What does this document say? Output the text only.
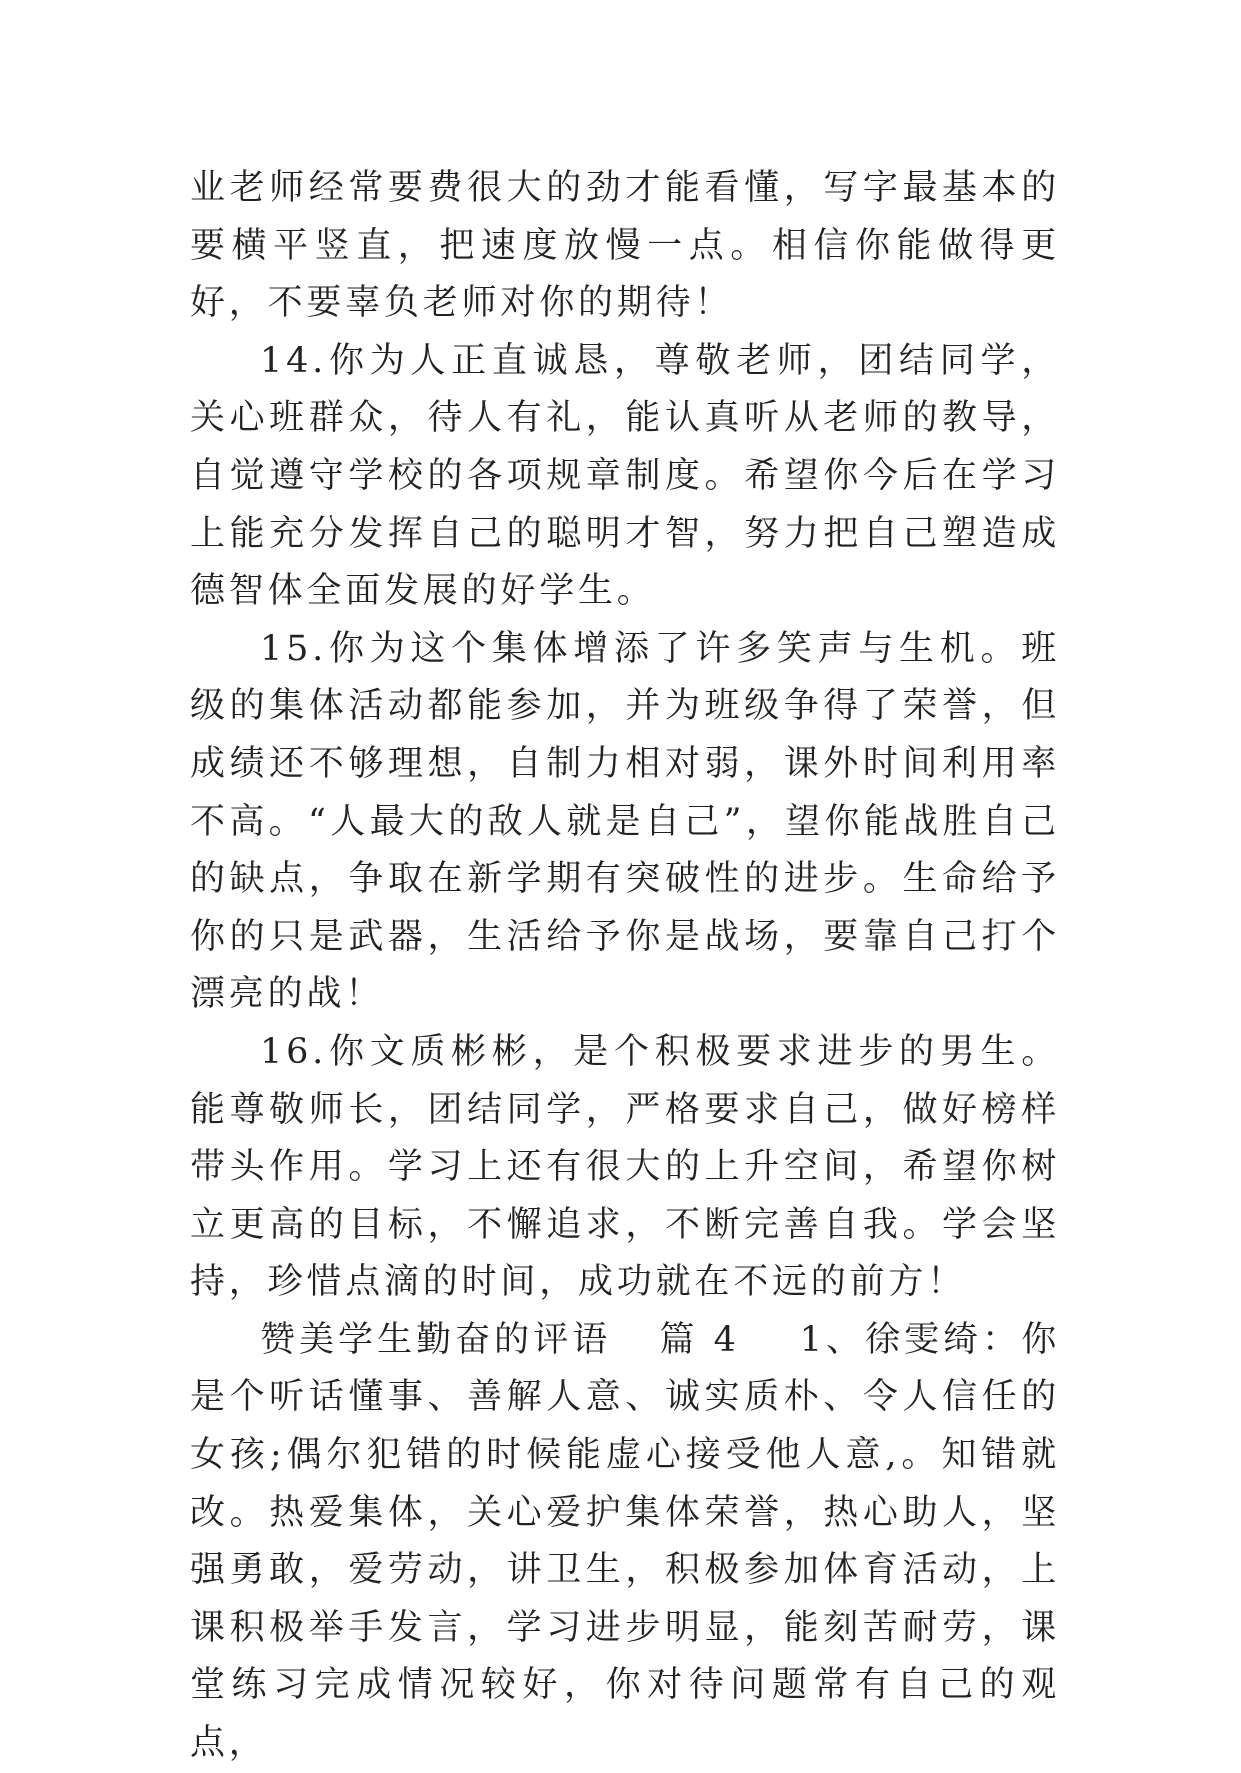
业老师经常要费很大的劲才能看懂，写字最基本的要横平竖直，把速度放慢一点。相信你能做得更好，不要辜负老师对你的期待！

14.你为人正直诚恳，尊敬老师，团结同学，关心班群众，待人有礼，能认真听从老师的教导，自觉遵守学校的各项规章制度。希望你今后在学习上能充分发挥自己的聪明才智，努力把自己塑造成德智体全面发展的好学生。

15.你为这个集体增添了许多笑声与生机。班级的集体活动都能参加，并为班级争得了荣誉，但成绩还不够理想，自制力相对弱，课外时间利用率不高。“人最大的敌人就是自己”，望你能战胜自己的缺点，争取在新学期有突破性的进步。生命给予你的只是武器，生活给予你是战场，要靠自己打个漂亮的战！

16.你文质彬彬，是个积极要求进步的男生。能尊敬师长，团结同学，严格要求自己，做好榜样带头作用。学习上还有很大的上升空间，希望你树立更高的目标，不懈追求，不断完善自我。学会坚持，珍惜点滴的时间，成功就在不远的前方！

赞美学生勤奋的评语 篇 4 1、徐雯绮：你是个听话懂事、善解人意、诚实质朴、令人信任的女孩;偶尔犯错的时候能虚心接受他人意,。知错就改。热爱集体，关心爱护集体荣誉，热心助人，坚强勇敢，爱劳动，讲卫生，积极参加体育活动，上课积极举手发言，学习进步明显，能刻苦耐劳，课堂练习完成情况较好，你对待问题常有自己的观点，
